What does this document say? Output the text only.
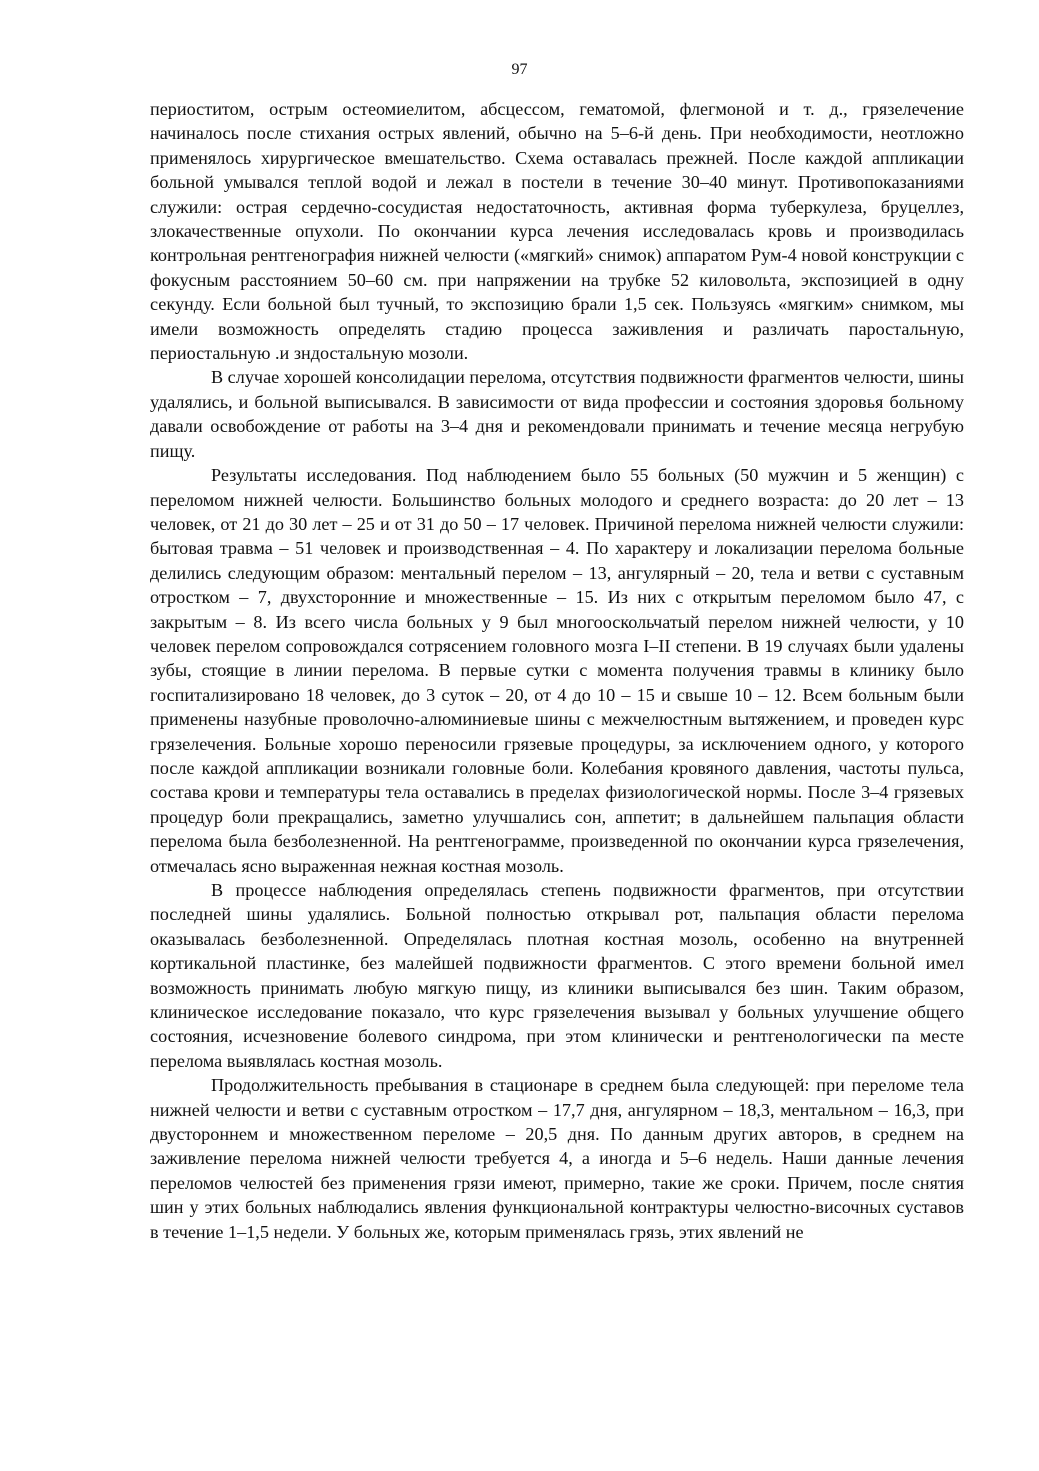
97

периоститом, острым остеомиелитом, абсцессом, гематомой, флегмоной и т. д., грязелечение начиналось после стихания острых явлений, обычно на 5–6-й день. При необходимости, неотложно применялось хирургическое вмешательство. Схема оставалась прежней. После каждой аппликации больной умывался теплой водой и лежал в постели в течение 30–40 минут. Противопоказаниями служили: острая сердечно-сосудистая недостаточность, активная форма туберкулеза, бруцеллез, злокачественные опухоли. По окончании курса лечения исследовалась кровь и производилась контрольная рентгенография нижней челюсти («мягкий» снимок) аппаратом Рум-4 новой конструкции с фокусным расстоянием 50–60 см. при напряжении на трубке 52 киловольта, экспозицией в одну секунду. Если больной был тучный, то экспозицию брали 1,5 сек. Пользуясь «мягким» снимком, мы имели возможность определять стадию процесса заживления и различать паростальную, периостальную .и зндостальную мозоли.

В случае хорошей консолидации перелома, отсутствия подвижности фрагментов челюсти, шины удалялись, и больной выписывался. В зависимости от вида профессии и состояния здоровья больному давали освобождение от работы на 3–4 дня и рекомендовали принимать и течение месяца негрубую пищу.

Результаты исследования. Под наблюдением было 55 больных (50 мужчин и 5 женщин) с переломом нижней челюсти. Большинство больных молодого и среднего возраста: до 20 лет – 13 человек, от 21 до 30 лет – 25 и от 31 до 50 – 17 человек. Причиной перелома нижней челюсти служили: бытовая травма – 51 человек и производственная – 4. По характеру и локализации перелома больные делились следующим образом: ментальный перелом – 13, ангулярный – 20, тела и ветви с суставным отростком – 7, двухсторонние и множественные – 15. Из них с открытым переломом было 47, с закрытым – 8. Из всего числа больных у 9 был многооскольчатый перелом нижней челюсти, у 10 человек перелом сопровождался сотрясением головного мозга I–II степени. В 19 случаях были удалены зубы, стоящие в линии перелома. В первые сутки с момента получения травмы в клинику было госпитализировано 18 человек, до 3 суток – 20, от 4 до 10 – 15 и свыше 10 – 12. Всем больным были применены назубные проволочно-алюминиевые шины с межчелюстным вытяжением, и проведен курс грязелечения. Больные хорошо переносили грязевые процедуры, за исключением одного, у которого после каждой аппликации возникали головные боли. Колебания кровяного давления, частоты пульса, состава крови и температуры тела оставались в пределах физиологической нормы. После 3–4 грязевых процедур боли прекращались, заметно улучшались сон, аппетит; в дальнейшем пальпация области перелома была безболезненной. На рентгенограмме, произведенной по окончании курса грязелечения, отмечалась ясно выраженная нежная костная мозоль.

В процессе наблюдения определялась степень подвижности фрагментов, при отсутствии последней шины удалялись. Больной полностью открывал рот, пальпация области перелома оказывалась безболезненной. Определялась плотная костная мозоль, особенно на внутренней кортикальной пластинке, без малейшей подвижности фрагментов. С этого времени больной имел возможность принимать любую мягкую пищу, из клиники выписывался без шин. Таким образом, клиническое исследование показало, что курс грязелечения вызывал у больных улучшение общего состояния, исчезновение болевого синдрома, при этом клинически и рентгенологически па месте перелома выявлялась костная мозоль.

Продолжительность пребывания в стационаре в среднем была следующей: при переломе тела нижней челюсти и ветви с суставным отростком – 17,7 дня, ангулярном – 18,3, ментальном – 16,3, при двустороннем и множественном переломе – 20,5 дня. По данным других авторов, в среднем на заживление перелома нижней челюсти требуется 4, а иногда и 5–6 недель. Наши данные лечения переломов челюстей без применения грязи имеют, примерно, такие же сроки. Причем, после снятия шин у этих больных наблюдались явления функциональной контрактуры челюстно-височных суставов в течение 1–1,5 недели. У больных же, которым применялась грязь, этих явлений не
